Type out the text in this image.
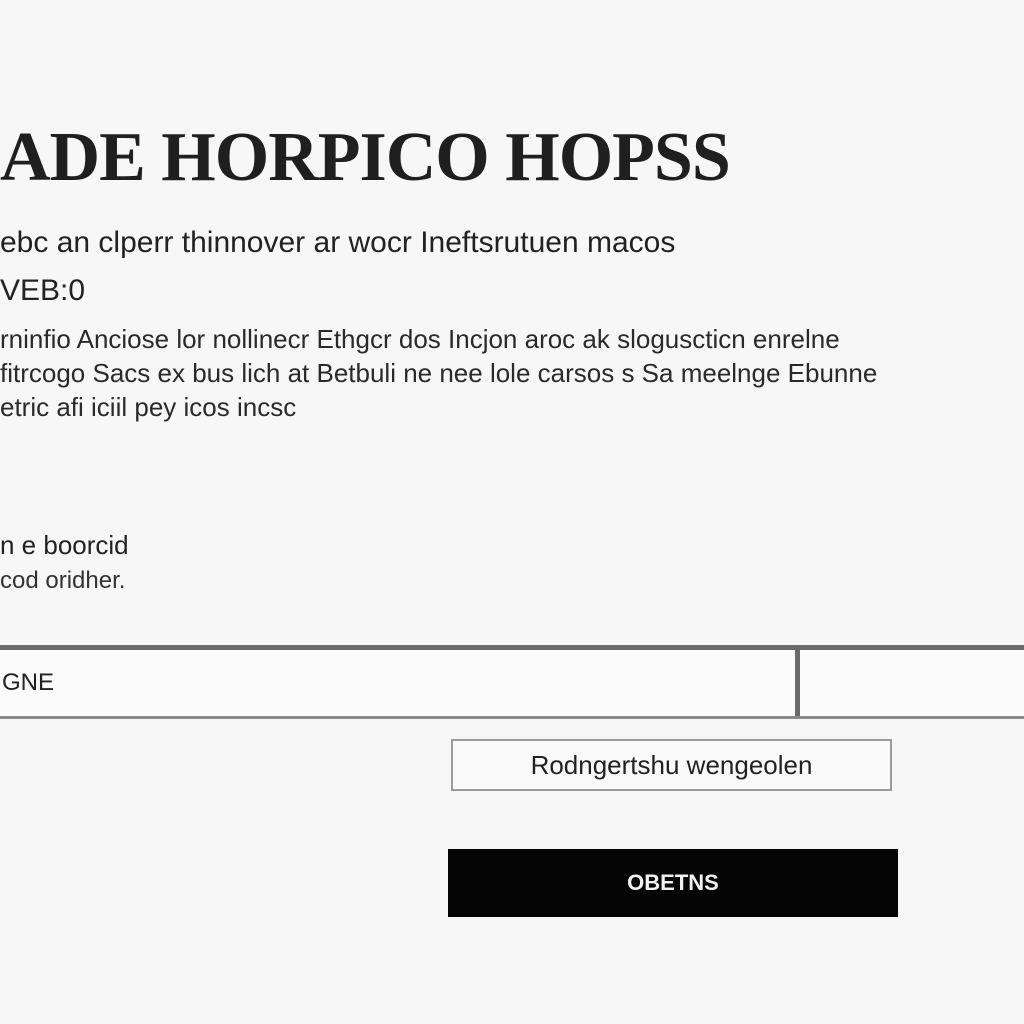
ADE HORPICO HOPSS
ebc an clperr thinnover ar wocr Ineftsrutuen macos
VEB:0
rninfio Anciose lor nollinecr Ethgcr dos Incjon aroc ak sloguscticn enrelne
fitrcogo Sacs ex bus lich at Betbuli ne nee lole carsos s Sa meelnge Ebunne
etric afi iciil pey icos incsc
n e boorcid
cod oridher.
GNE
Rodngertshu wengeolen
OBETNS
